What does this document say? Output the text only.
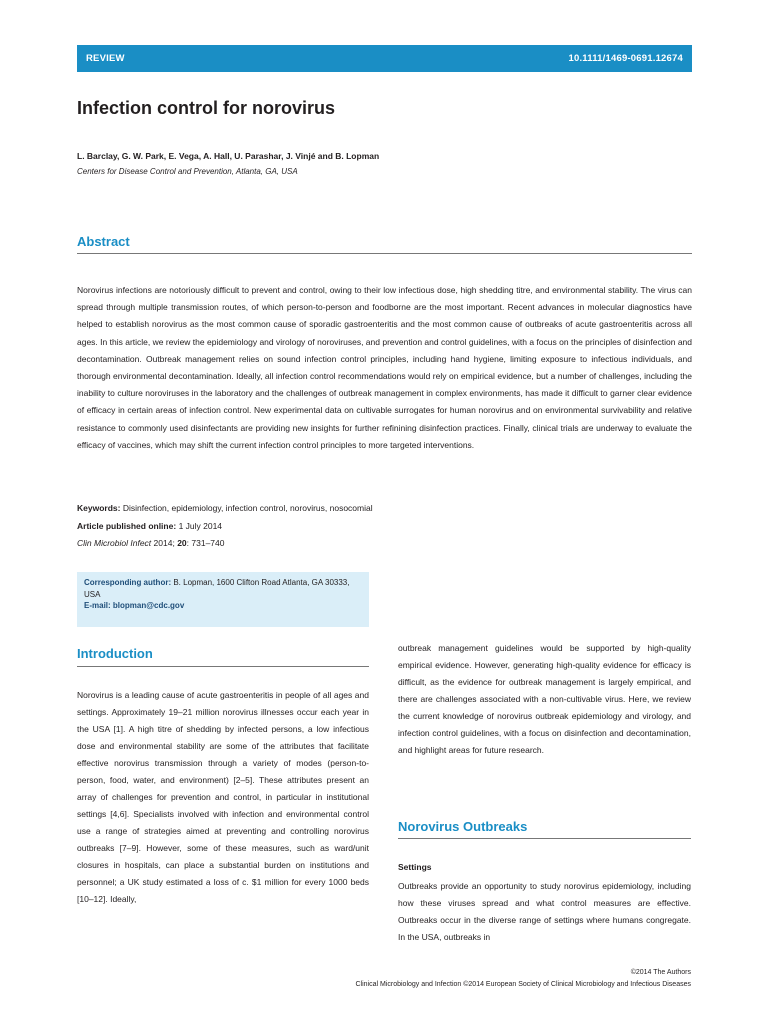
REVIEW	10.1111/1469-0691.12674
Infection control for norovirus
L. Barclay, G. W. Park, E. Vega, A. Hall, U. Parashar, J. Vinjé and B. Lopman
Centers for Disease Control and Prevention, Atlanta, GA, USA
Abstract

Norovirus infections are notoriously difficult to prevent and control, owing to their low infectious dose, high shedding titre, and environmental stability. The virus can spread through multiple transmission routes, of which person-to-person and foodborne are the most important. Recent advances in molecular diagnostics have helped to establish norovirus as the most common cause of sporadic gastroenteritis and the most common cause of outbreaks of acute gastroenteritis across all ages. In this article, we review the epidemiology and virology of noroviruses, and prevention and control guidelines, with a focus on the principles of disinfection and decontamination. Outbreak management relies on sound infection control principles, including hand hygiene, limiting exposure to infectious individuals, and thorough environmental decontamination. Ideally, all infection control recommendations would rely on empirical evidence, but a number of challenges, including the inability to culture noroviruses in the laboratory and the challenges of outbreak management in complex environments, has made it difficult to garner clear evidence of efficacy in certain areas of infection control. New experimental data on cultivable surrogates for human norovirus and on environmental survivability and relative resistance to commonly used disinfectants are providing new insights for further refinining disinfection practices. Finally, clinical trials are underway to evaluate the efficacy of vaccines, which may shift the current infection control principles to more targeted interventions.

Keywords: Disinfection, epidemiology, infection control, norovirus, nosocomial
Article published online: 1 July 2014
Clin Microbiol Infect 2014; 20: 731–740
Corresponding author: B. Lopman, 1600 Clifton Road Atlanta, GA 30333, USA
E-mail: blopman@cdc.gov
Introduction

Norovirus is a leading cause of acute gastroenteritis in people of all ages and settings. Approximately 19–21 million norovirus illnesses occur each year in the USA [1]. A high titre of shedding by infected persons, a low infectious dose and environmental stability are some of the attributes that facilitate effective norovirus transmission through a variety of modes (person-to-person, food, water, and environment) [2–5]. These attributes present an array of challenges for prevention and control, in particular in institutional settings [4,6]. Specialists involved with infection and environmental control use a range of strategies aimed at preventing and controlling norovirus outbreaks [7–9]. However, some of these measures, such as ward/unit closures in hospitals, can place a substantial burden on institutions and personnel; a UK study estimated a loss of c. $1 million for every 1000 beds [10–12]. Ideally,

outbreak management guidelines would be supported by high-quality empirical evidence. However, generating high-quality evidence for efficacy is difficult, as the evidence for outbreak management is largely empirical, and there are challenges associated with a non-cultivable virus. Here, we review the current knowledge of norovirus outbreak epidemiology and virology, and infection control guidelines, with a focus on disinfection and decontamination, and highlight areas for future research.

Norovirus Outbreaks
Settings

Outbreaks provide an opportunity to study norovirus epidemiology, including how these viruses spread and what control measures are effective. Outbreaks occur in the diverse range of settings where humans congregate. In the USA, outbreaks in

©2014 The Authors
Clinical Microbiology and Infection ©2014 European Society of Clinical Microbiology and Infectious Diseases
